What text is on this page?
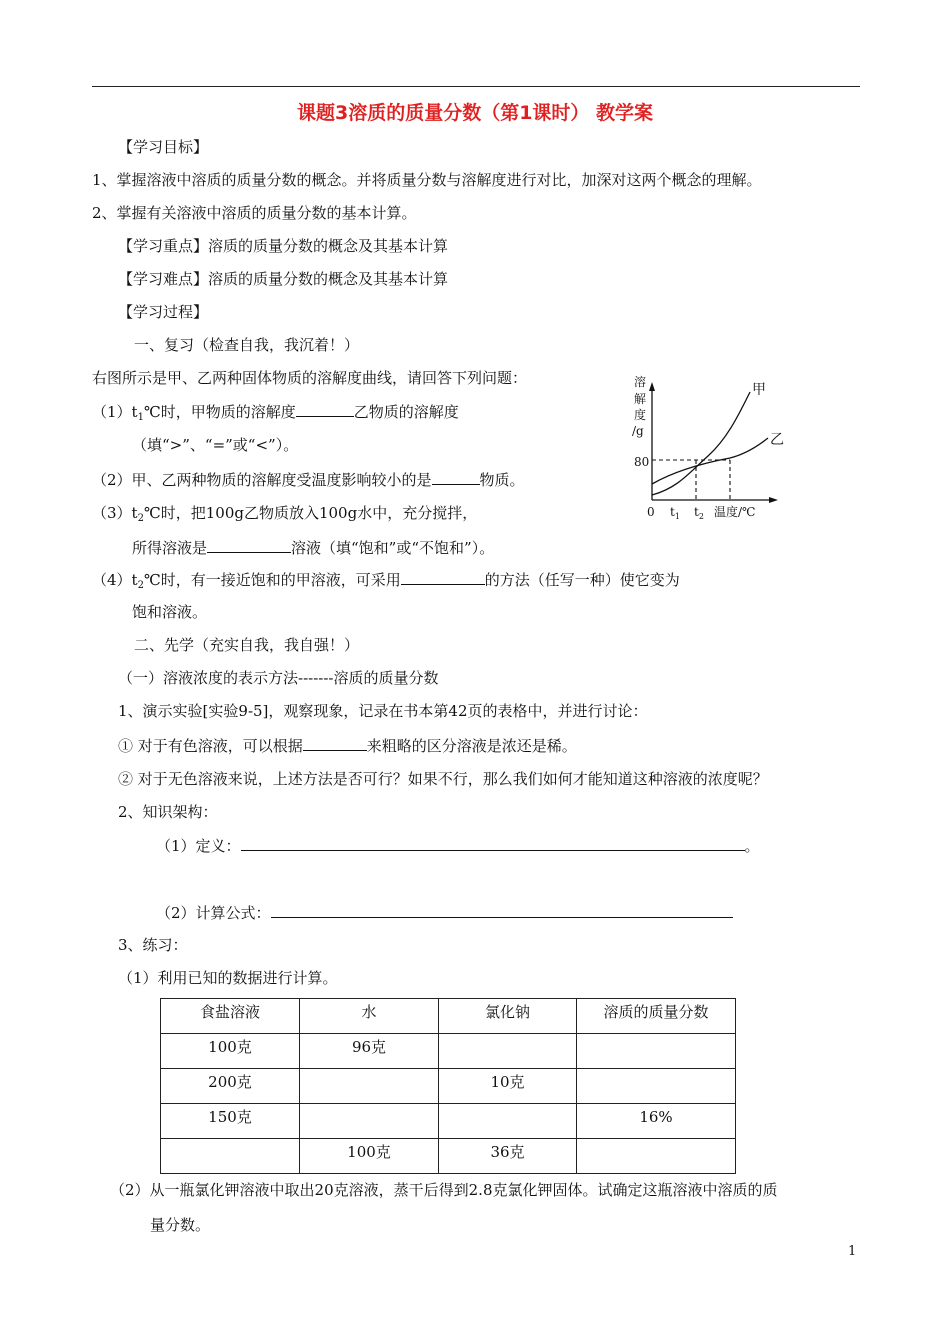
课题3溶质的质量分数（第1课时） 教学案
【学习目标】
1、掌握溶液中溶质的质量分数的概念。并将质量分数与溶解度进行对比，加深对这两个概念的理解。
2、掌握有关溶液中溶质的质量分数的基本计算。
【学习重点】溶质的质量分数的概念及其基本计算
【学习难点】溶质的质量分数的概念及其基本计算
【学习过程】
一、复习（检查自我，我沉着！）
右图所示是甲、乙两种固体物质的溶解度曲线，请回答下列问题：
$(1)t_1℃$时，甲物质的溶解度	乙物质的溶解度
（填“>”、“=”或“<”）。
（2）甲、乙两种物质的溶解度受温度影响较小的是	物质。
$(3)t_2℃$时，把100g乙物质放入100g水中，充分搅拌，
所得溶液是	溶液（填“饱和”或“不饱和”）。
$(4)t_2℃$时，有一接近饱和的甲溶液，可采用	的方法（任写一种）使它变为
饱和溶液。
溶
解
度
/g
80
0 $t_1$ $t_2$ 温度/℃
甲
乙
二、先学（充实自我，我自强！）
（一）溶液浓度的表示方法-------溶质的质量分数
1、演示实验[实验9-5]，观察现象，记录在书本第42页的表格中，并进行讨论：
① 对于有色溶液，可以根据	来粗略的区分溶液是浓还是稀。
② 对于无色溶液来说，上述方法是否可行？如果不行，那么我们如何才能知道这种溶液的浓度呢？
2、知识架构：
（1）定义：	。
（2）计算公式：
3、练习：
（1）利用已知的数据进行计算。
食盐溶液	水	氯化钠	溶质的质量分数
100克	96克		
200克		10克	
150克			16%
	100克	36克	
（2）从一瓶氯化钾溶液中取出20克溶液，蒸干后得到2.8克氯化钾固体。试确定这瓶溶液中溶质的质
量分数。
1
